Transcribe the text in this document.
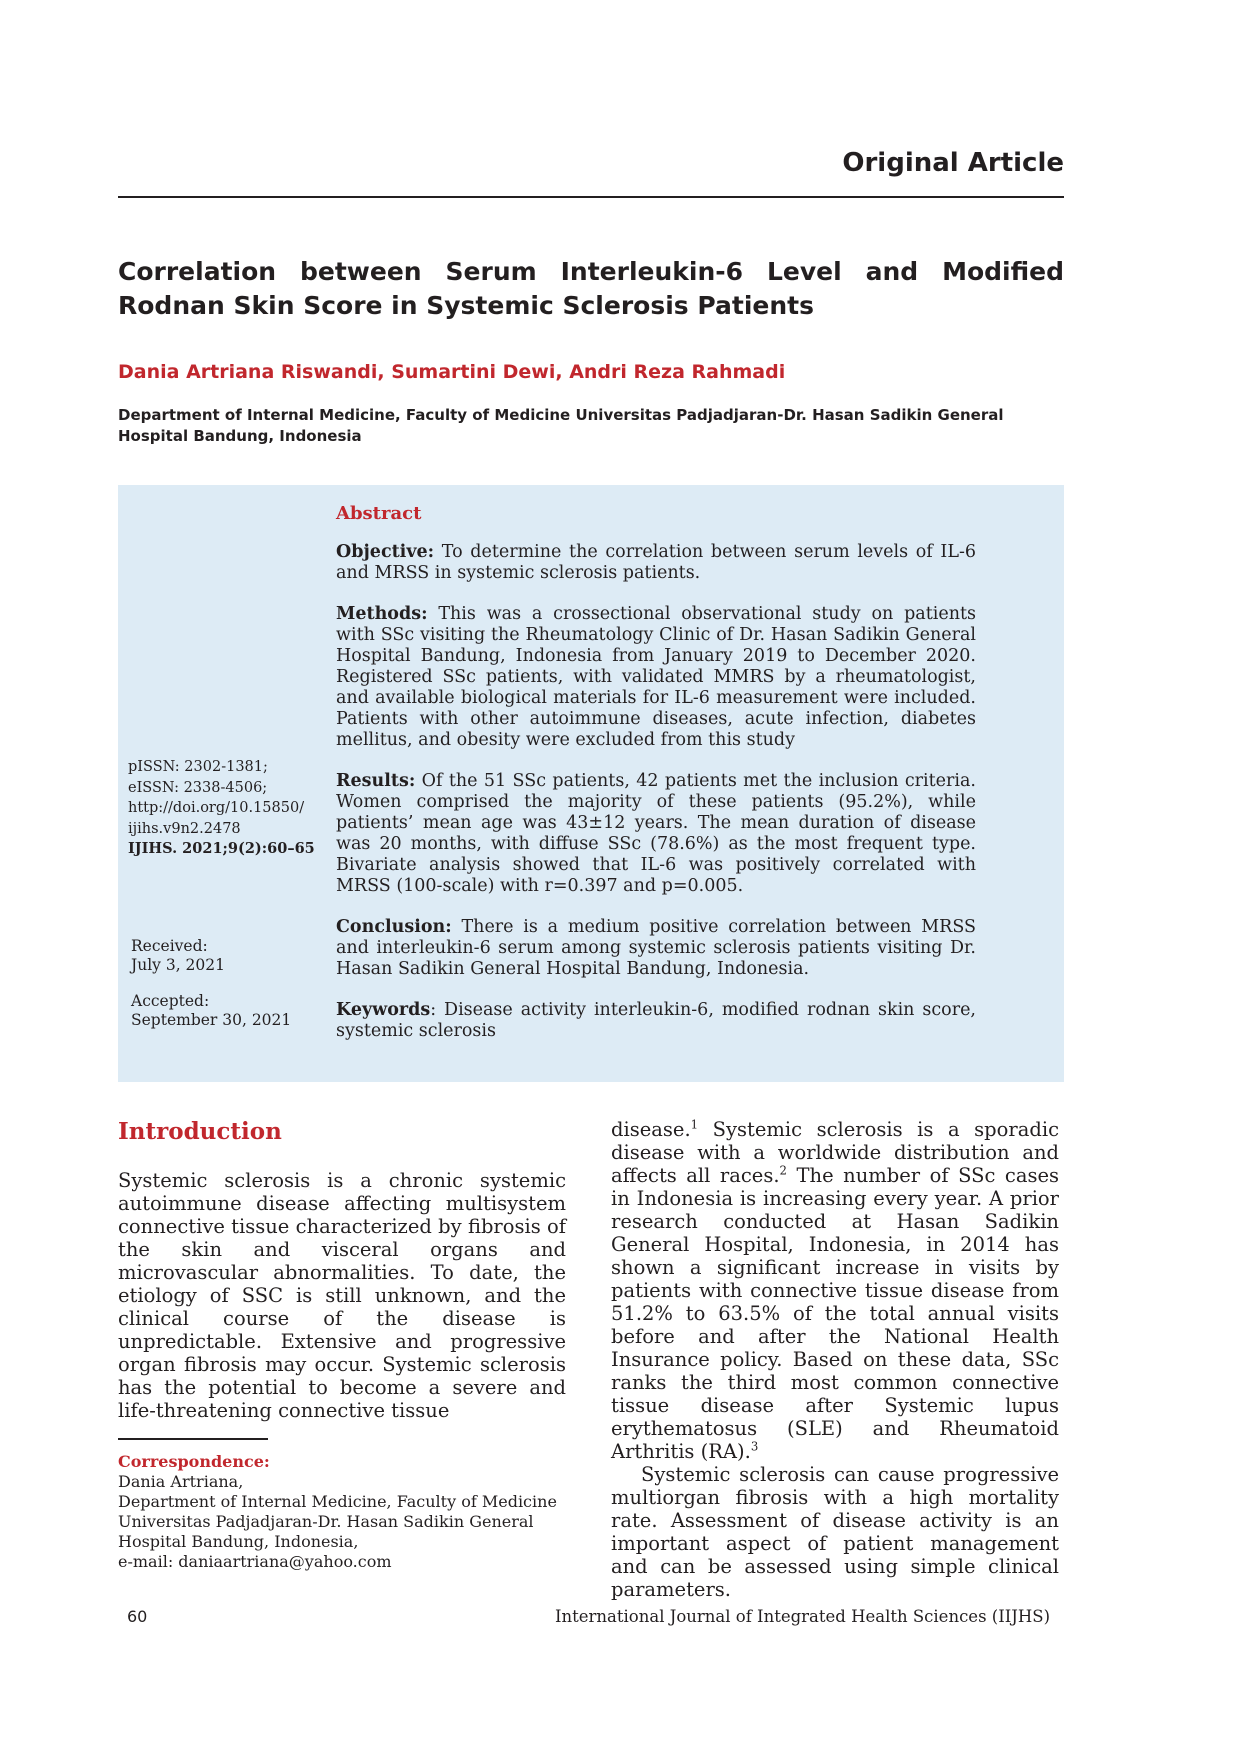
Original Article
Correlation between Serum Interleukin-6 Level and Modified Rodnan Skin Score in Systemic Sclerosis Patients
Dania Artriana Riswandi, Sumartini Dewi, Andri Reza Rahmadi

Department of Internal Medicine, Faculty of Medicine Universitas Padjadjaran-Dr. Hasan Sadikin General Hospital Bandung, Indonesia

pISSN: 2302-1381;
eISSN: 2338-4506;
http://doi.org/10.15850/
ijihs.v9n2.2478
IJIHS. 2021;9(2):60–65
Received:
July 3, 2021
Accepted:
September 30, 2021
Abstract

Objective: To determine the correlation between serum levels of IL-6 and MRSS in systemic sclerosis patients.

Methods: This was a crossectional observational study on patients with SSc visiting the Rheumatology Clinic of Dr. Hasan Sadikin General Hospital Bandung, Indonesia from January 2019 to December 2020. Registered SSc patients, with validated MMRS by a rheumatologist, and available biological materials for IL-6 measurement were included. Patients with other autoimmune diseases, acute infection, diabetes mellitus, and obesity were excluded from this study

Results: Of the 51 SSc patients, 42 patients met the inclusion criteria. Women comprised the majority of these patients (95.2%), while patients’ mean age was 43±12 years. The mean duration of disease was 20 months, with diffuse SSc (78.6%) as the most frequent type. Bivariate analysis showed that IL-6 was positively correlated with MRSS (100-scale) with r=0.397 and p=0.005.

Conclusion: There is a medium positive correlation between MRSS and interleukin-6 serum among systemic sclerosis patients visiting Dr. Hasan Sadikin General Hospital Bandung, Indonesia.

Keywords: Disease activity interleukin-6, modified rodnan skin score, systemic sclerosis

Introduction

Systemic sclerosis is a chronic systemic autoimmune disease affecting multisystem connective tissue characterized by fibrosis of the skin and visceral organs and microvascular abnormalities. To date, the etiology of SSC is still unknown, and the clinical course of the disease is unpredictable. Extensive and progressive organ fibrosis may occur. Systemic sclerosis has the potential to become a severe and life-threatening connective tissue

disease.$^1$ Systemic sclerosis is a sporadic disease with a worldwide distribution and affects all races.$^2$ The number of SSc cases in Indonesia is increasing every year. A prior research conducted at Hasan Sadikin General Hospital, Indonesia, in 2014 has shown a significant increase in visits by patients with connective tissue disease from 51.2% to 63.5% of the total annual visits before and after the National Health Insurance policy. Based on these data, SSc ranks the third most common connective tissue disease after Systemic lupus erythematosus (SLE) and Rheumatoid Arthritis (RA).$^3$

Systemic sclerosis can cause progressive multiorgan fibrosis with a high mortality rate. Assessment of disease activity is an important aspect of patient management and can be assessed using simple clinical parameters.

Correspondence:
Dania Artriana,
Department of Internal Medicine, Faculty of Medicine
Universitas Padjadjaran-Dr. Hasan Sadikin General
Hospital Bandung, Indonesia,
e-mail: daniaartriana@yahoo.com
60	International Journal of Integrated Health Sciences (IIJHS)
